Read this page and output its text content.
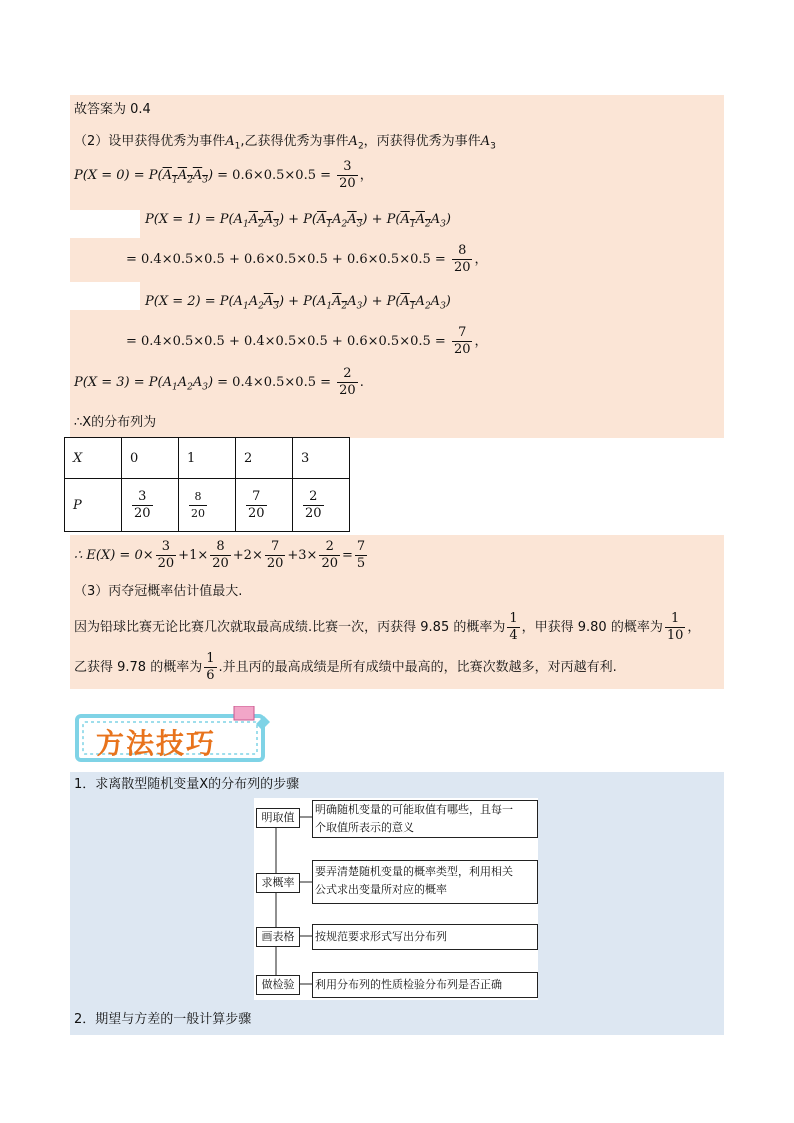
故答案为 0.4
（2）设甲获得优秀为事件$A_1$,乙获得优秀为事件$A_2$，丙获得优秀为事件$A_3$
$P(X = 0) = P(A_1A_2A_3) = 0.6\times 0.5\times 0.5 = \frac{3}{20}$ ，
$P(X = 1) = P(A_1A_2A_3) + P(A_1A_2A_3) + P(A_1A_2A_3)$
= $0.4\times 0.5\times 0.5 + 0.6\times 0.5\times 0.5 + 0.6\times 0.5\times 0.5 = \frac{8}{20}$ ，
$P(X = 2) = P(A_1A_2A_3) + P(A_1A_2A_3) + P(A_1A_2A_3)$
= $0.4\times 0.5\times 0.5 + 0.4\times 0.5\times 0.5 + 0.6\times 0.5\times 0.5 = \frac{7}{20}$ ，
$P(X = 3) = P(A_1A_2A_3) = 0.4\times 0.5\times 0.5 = \frac{2}{20}$ .
∴X的分布列为
X	0	1	2	3
P	$\frac{3}{20}$	$\frac{8}{20}$	$\frac{7}{20}$	$\frac{2}{20}$
∴ $E(X) = 0\times \frac{3}{20} +1\times \frac{8}{20} +2\times \frac{7}{20} +3\times \frac{2}{20} = \frac{7}{5}$
（3）丙夺冠概率估计值最大.
因为铅球比赛无论比赛几次就取最高成绩.比赛一次，丙获得 9.85 的概率为 $\frac{1}{4}$ ，甲获得 9.80 的概率为 $\frac{1}{10}$ ，
乙获得 9.78 的概率为 $\frac{1}{6}$ .并且丙的最高成绩是所有成绩中最高的，比赛次数越多，对丙越有利.
方法技巧
1．求离散型随机变量X的分布列的步骤
明取值
明确随机变量的可能取值有哪些，且每一
个取值所表示的意义
求概率
要弄清楚随机变量的概率类型，利用相关
公式求出变量所对应的概率
画表格	按规范要求形式写出分布列
做检验	利用分布列的性质检验分布列是否正确
2．期望与方差的一般计算步骤
